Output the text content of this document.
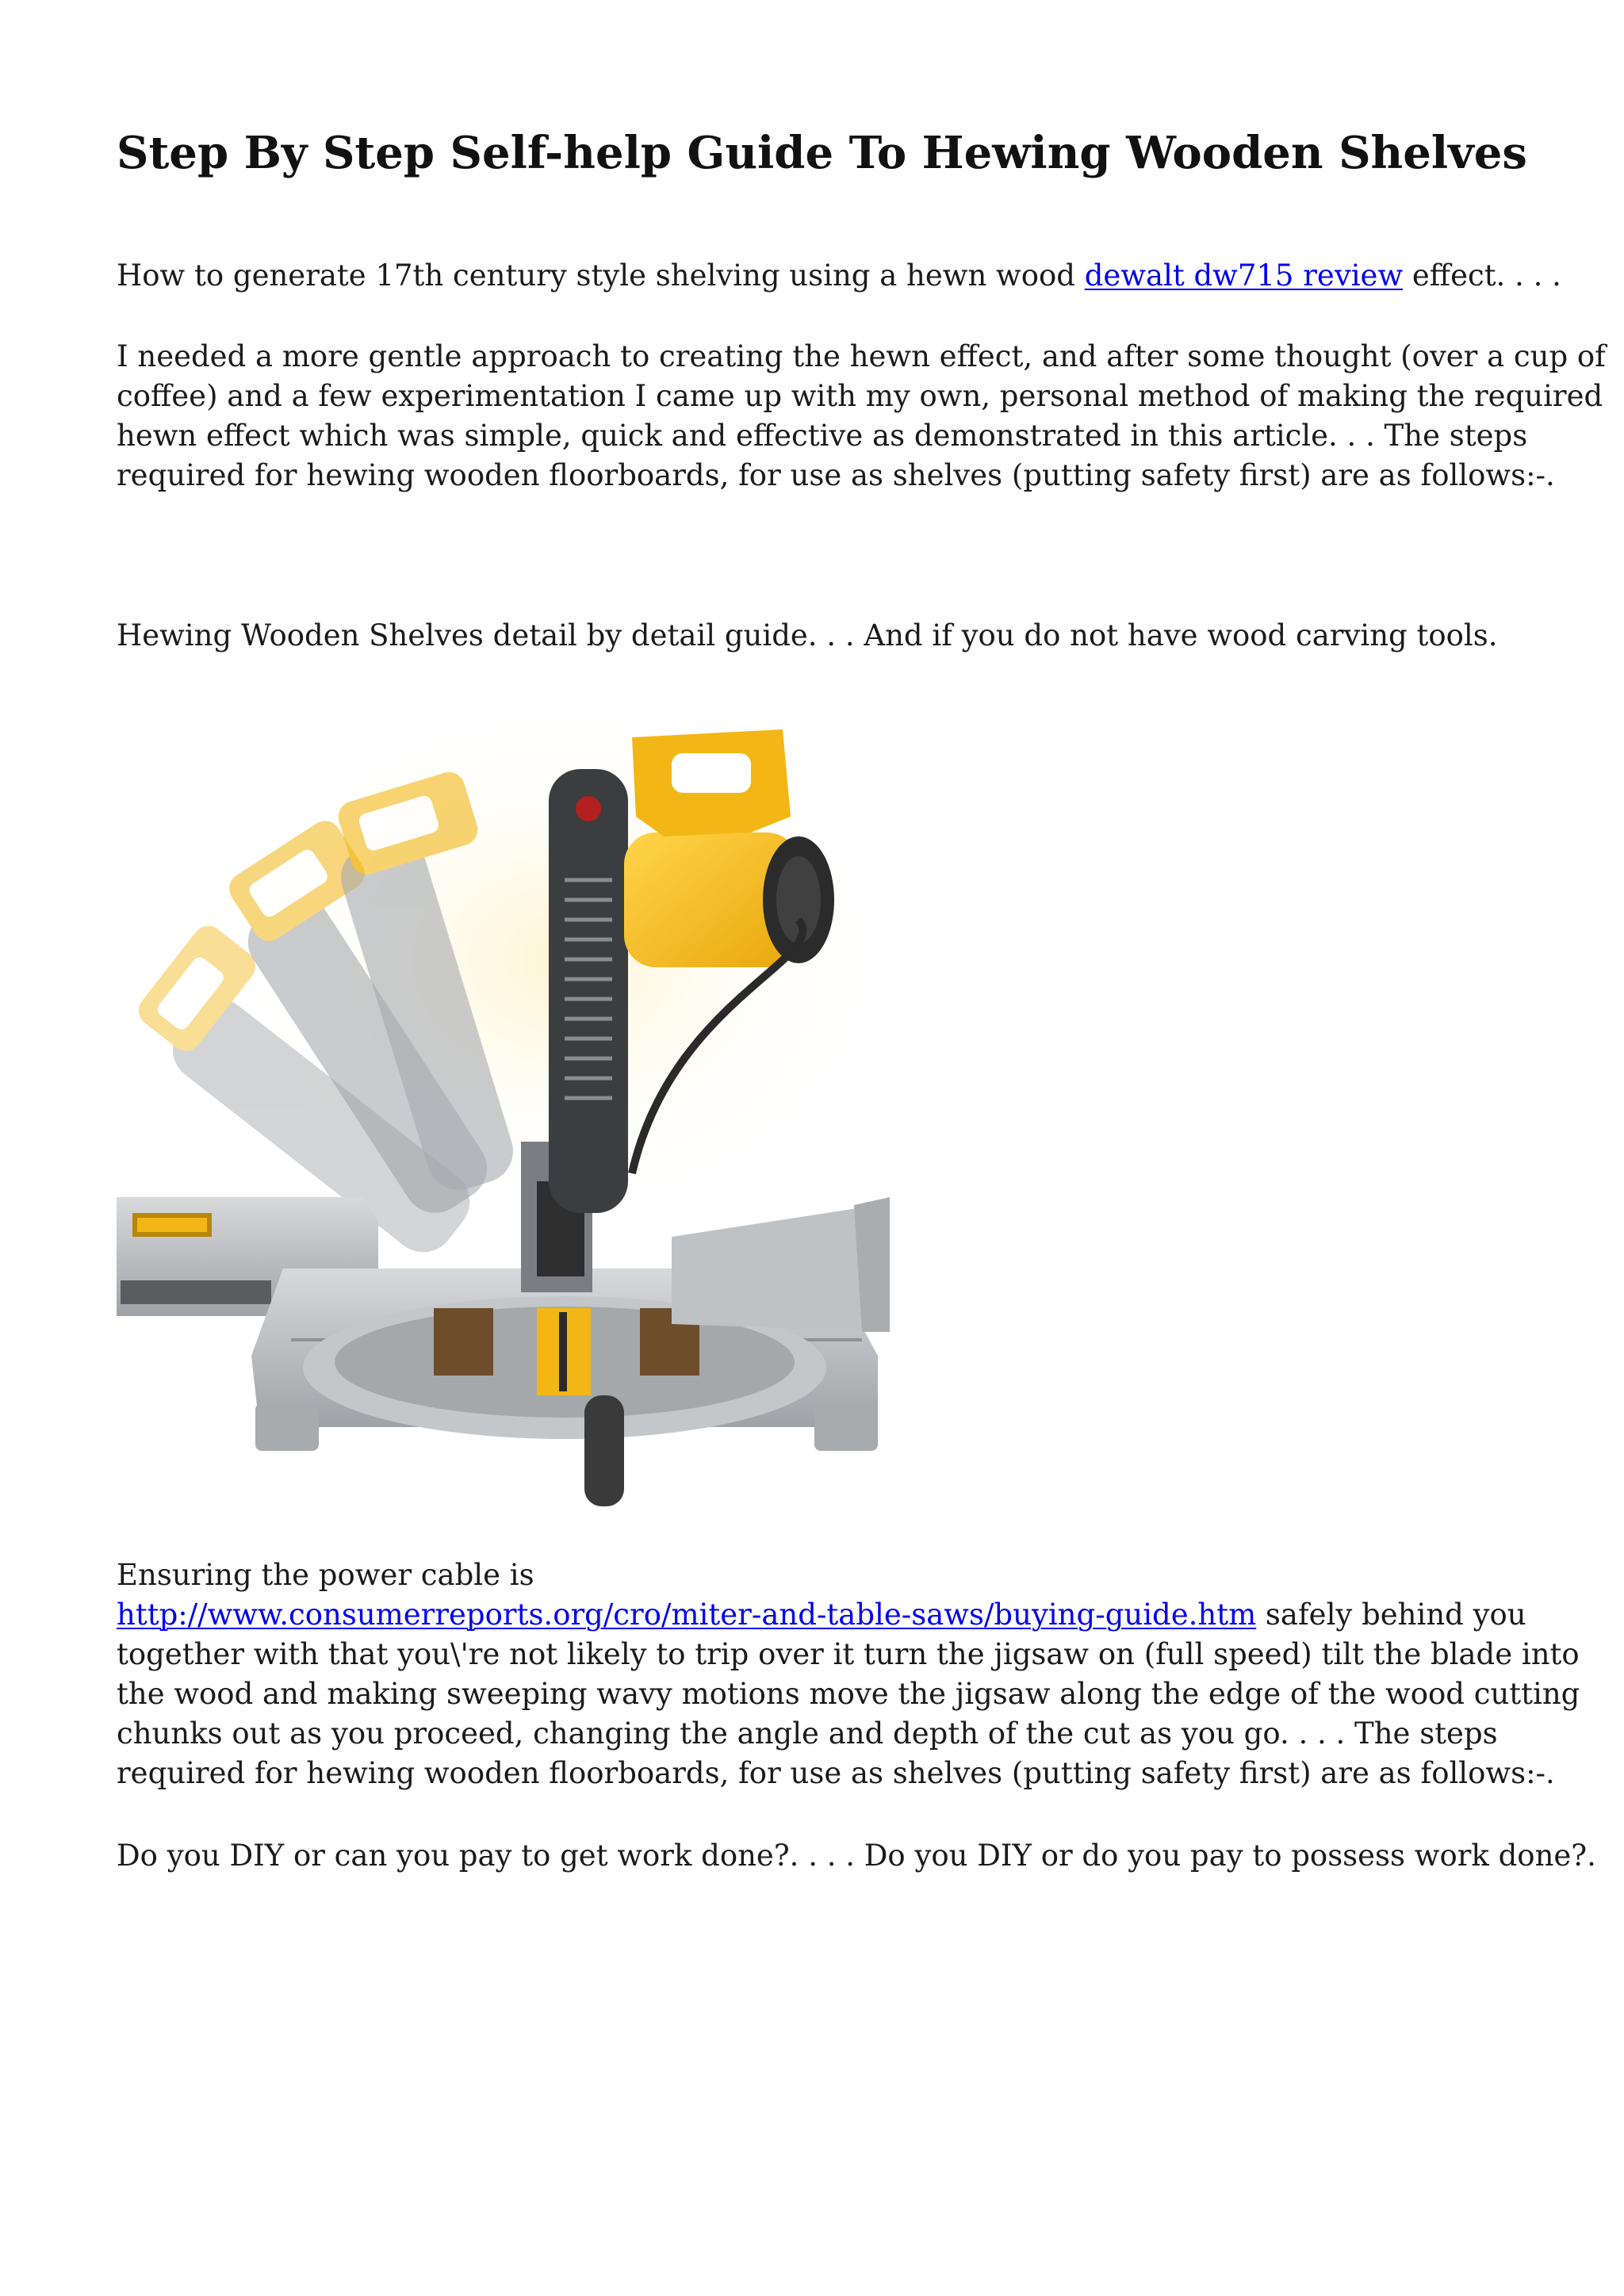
Step By Step Self-help Guide To Hewing Wooden Shelves

How to generate 17th century style shelving using a hewn wood dewalt dw715 review effect. . . .

I needed a more gentle approach to creating the hewn effect, and after some thought (over a cup of
coffee) and a few experimentation I came up with my own, personal method of making the required
hewn effect which was simple, quick and effective as demonstrated in this article. . . The steps
required for hewing wooden floorboards, for use as shelves (putting safety first) are as follows:-.

Hewing Wooden Shelves detail by detail guide. . . And if you do not have wood carving tools.

Ensuring the power cable is
http://www.consumerreports.org/cro/miter-and-table-saws/buying-guide.htm safely behind you
together with that you\'re not likely to trip over it turn the jigsaw on (full speed) tilt the blade into
the wood and making sweeping wavy motions move the jigsaw along the edge of the wood cutting
chunks out as you proceed, changing the angle and depth of the cut as you go. . . . The steps
required for hewing wooden floorboards, for use as shelves (putting safety first) are as follows:-.

Do you DIY or can you pay to get work done?. . . . Do you DIY or do you pay to possess work done?.
